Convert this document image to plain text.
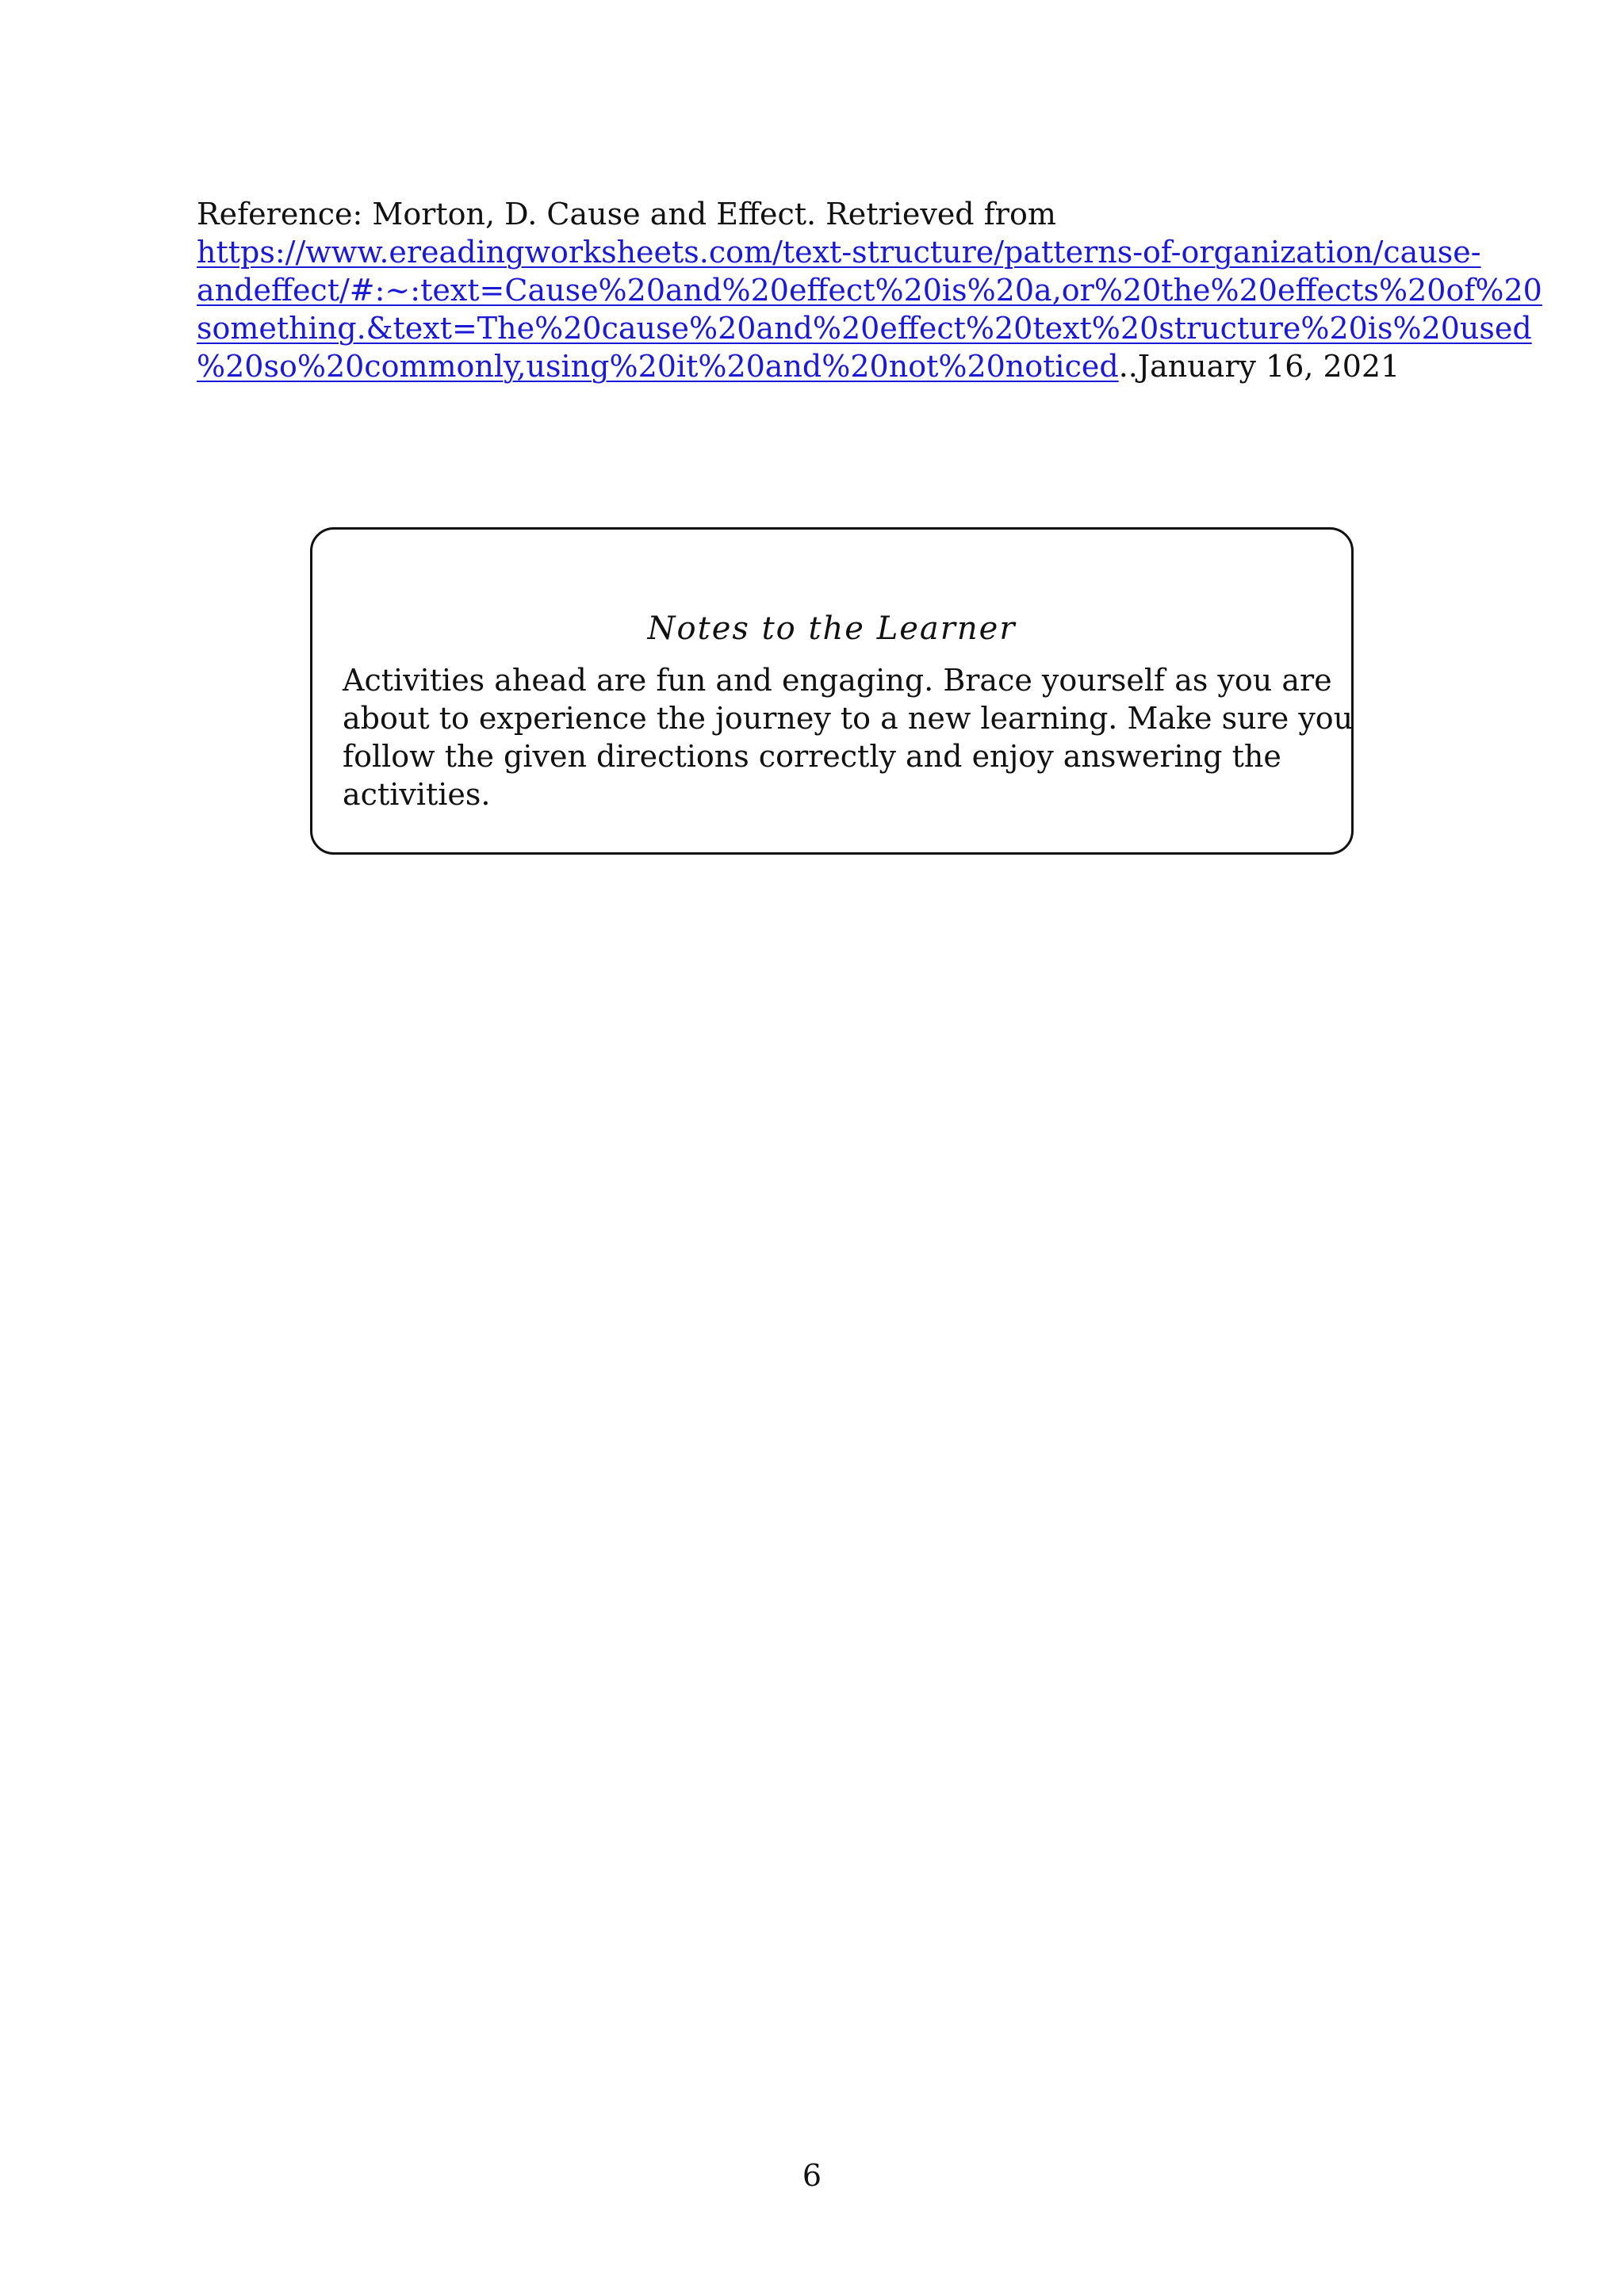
Reference: Morton, D. Cause and Effect. Retrieved from
https://www.ereadingworksheets.com/text-structure/patterns-of-organization/cause-
andeffect/#:~:text=Cause%20and%20effect%20is%20a,or%20the%20effects%20of%20
something.&text=The%20cause%20and%20effect%20text%20structure%20is%20used
%20so%20commonly,using%20it%20and%20not%20noticed..January 16, 2021

Notes to the Learner

Activities ahead are fun and engaging. Brace yourself as you are
about to experience the journey to a new learning. Make sure you
follow the given directions correctly and enjoy answering the
activities.

6
